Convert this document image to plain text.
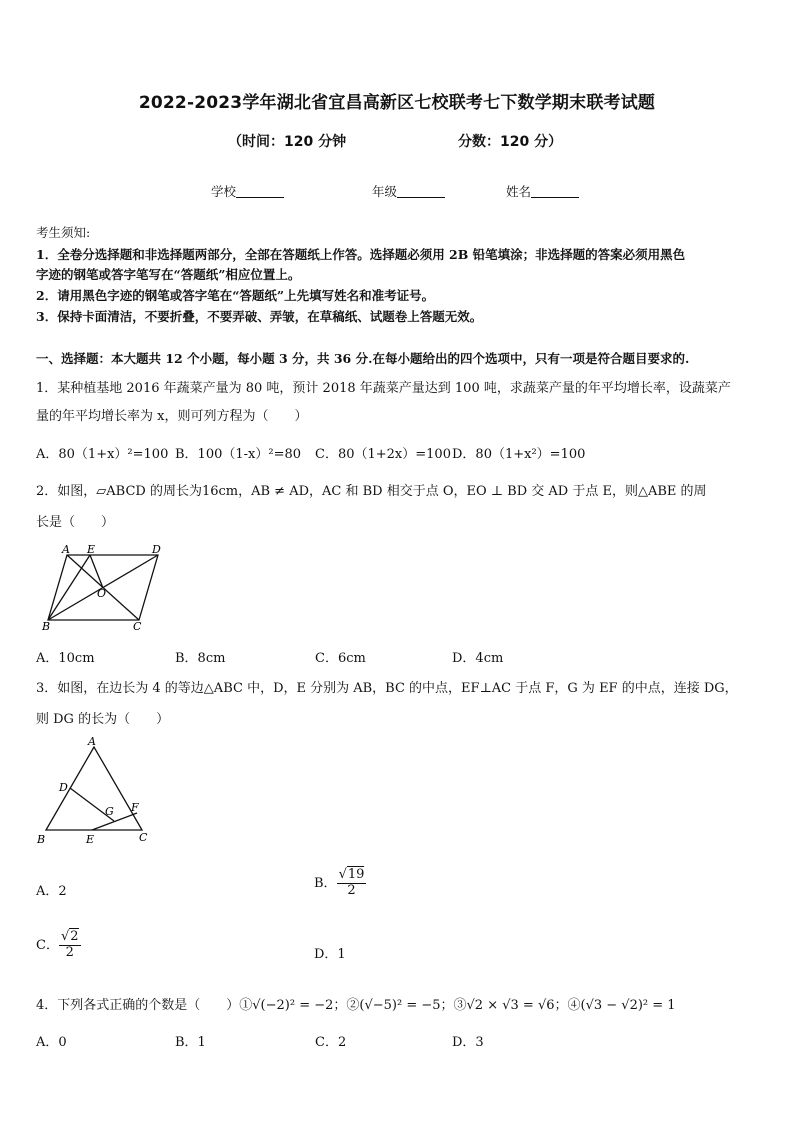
2022-2023学年湖北省宜昌高新区七校联考七下数学期末联考试题
（时间：120 分钟	分数：120 分）
学校	年级	姓名
考生须知:
1．全卷分选择题和非选择题两部分，全部在答题纸上作答。选择题必须用 2B 铅笔填涂；非选择题的答案必须用黑色
字迹的钢笔或答字笔写在“答题纸”相应位置上。
2．请用黑色字迹的钢笔或答字笔在“答题纸”上先填写姓名和准考证号。
3．保持卡面清洁，不要折叠，不要弄破、弄皱，在草稿纸、试题卷上答题无效。
一、选择题：本大题共 12 个小题，每小题 3 分，共 36 分.在每小题给出的四个选项中，只有一项是符合题目要求的.
1．某种植基地 2016 年蔬菜产量为 80 吨，预计 2018 年蔬菜产量达到 100 吨，求蔬菜产量的年平均增长率，设蔬菜产
量的年平均增长率为 x，则可列方程为（　　）
A．80（1+x）²=100 B．100（1-x）²=80 C．80（1+2x）=100 D．80（1+x²）=100
2．如图，▱ABCD 的周长为16cm，AB ≠ AD，AC 和 BD 相交于点 O，EO ⊥ BD 交 AD 于点 E，则△ABE 的周
长是（　　）
A E	D
O
B	C
A．10cm	B．8cm	C．6cm	D．4cm
3．如图，在边长为 4 的等边△ABC 中，D，E 分别为 AB，BC 的中点，EF⊥AC 于点 F，G 为 EF 的中点，连接 DG，
则 DG 的长为（　　）
A
D
G F
B	E	C
A．2
B． $\frac{√19}{2}$
C． $\frac{√2}{2}$	D．1
4．下列各式正确的个数是（　　）①√(−2)² = −2；②(√−5)² = −5；③√2 × √3 = √6；④(√3 − √2)² = 1
A．0	B．1	C．2	D．3
